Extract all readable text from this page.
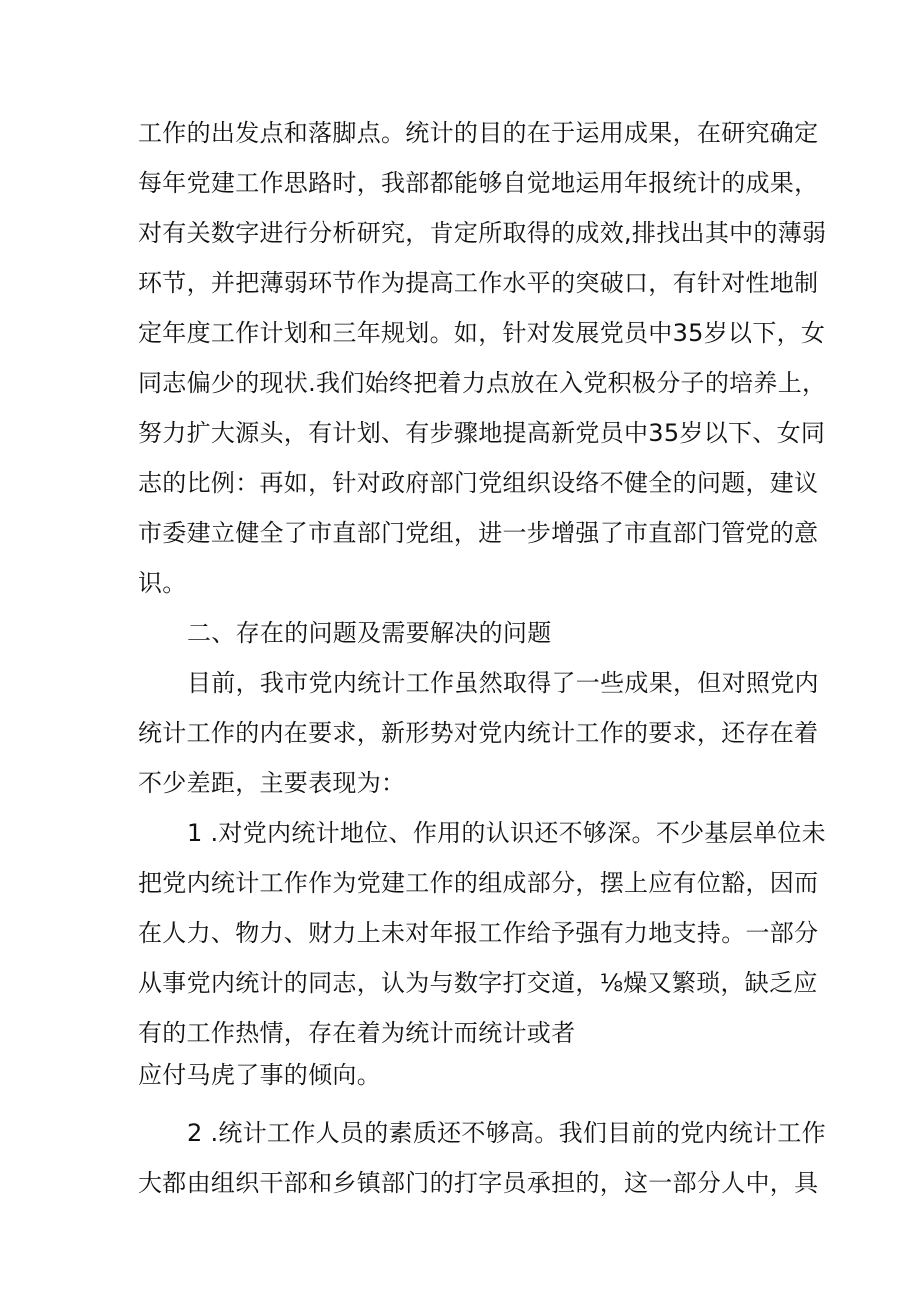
工作的出发点和落脚点。统计的目的在于运用成果，在研究确定
每年党建工作思路时，我部都能够自觉地运用年报统计的成果，
对有关数字进行分析研究，肯定所取得的成效,排找出其中的薄弱
环节，并把薄弱环节作为提高工作水平的突破口，有针对性地制
定年度工作计划和三年规划。如，针对发展党员中35岁以下，女
同志偏少的现状.我们始终把着力点放在入党积极分子的培养上，
努力扩大源头，有计划、有步骤地提高新党员中35岁以下、女同
志的比例：再如，针对政府部门党组织设络不健全的问题，建议
市委建立健全了市直部门党组，进一步增强了市直部门管党的意
识。
二、存在的问题及需要解决的问题
目前，我市党内统计工作虽然取得了一些成果，但对照党内
统计工作的内在要求，新形势对党内统计工作的要求，还存在着
不少差距，主要表现为：
1 .对党内统计地位、作用的认识还不够深。不少基层单位未
把党内统计工作作为党建工作的组成部分，摆上应有位豁，因而
在人力、物力、财力上未对年报工作给予强有力地支持。一部分
从事党内统计的同志，认为与数字打交道，⅛燥又繁琐，缺乏应
有的工作热情，存在着为统计而统计或者
应付马虎了事的倾向。
2 .统计工作人员的素质还不够高。我们目前的党内统计工作
大都由组织干部和乡镇部门的打字员承担的，这一部分人中，具
